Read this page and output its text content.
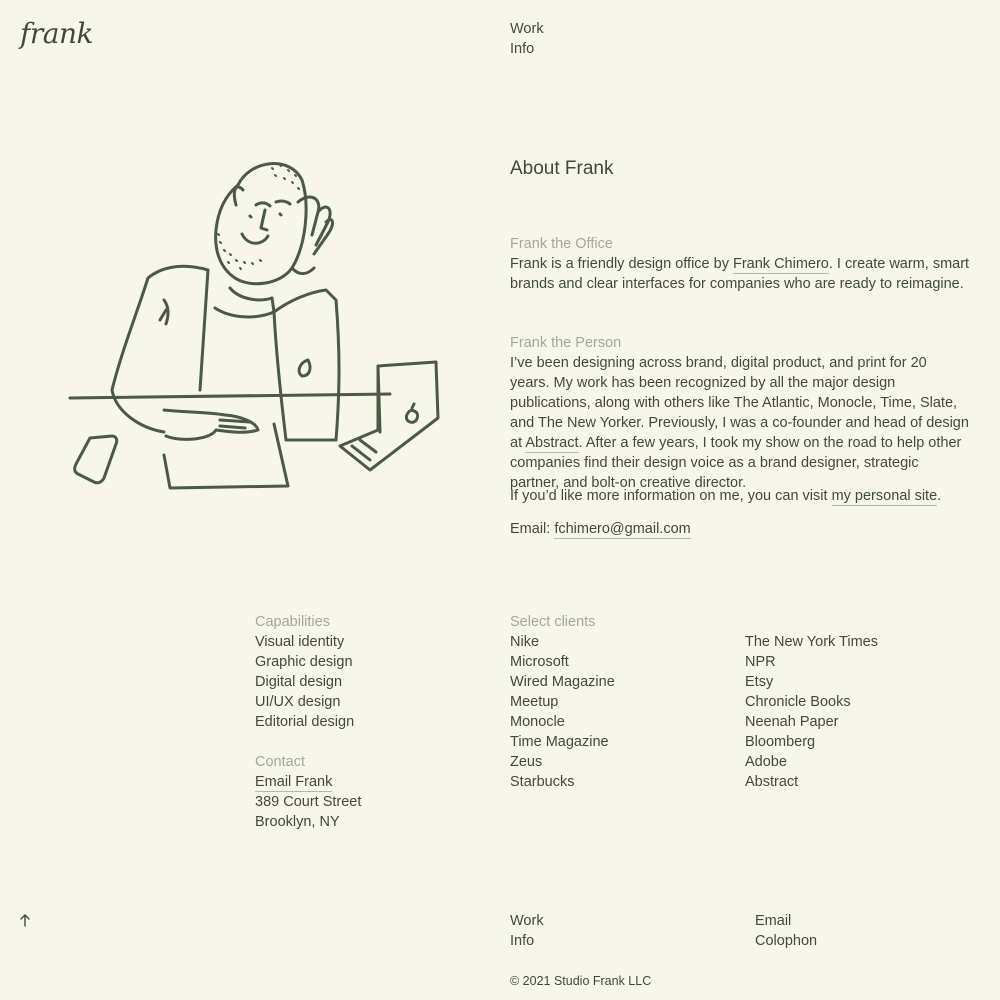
frank	Work
Info
About Frank
Frank the Office
Frank is a friendly design office by Frank Chimero. I create warm, smart brands and clear interfaces for companies who are ready to reimagine.
Frank the Person
I’ve been designing across brand, digital product, and print for 20 years. My work has been recognized by all the major design publications, along with others like The Atlantic, Monocle, Time, Slate, and The New Yorker. Previously, I was a co-founder and head of design at Abstract. After a few years, I took my show on the road to help other companies find their design voice as a brand designer, strategic partner, and bolt-on creative director.
If you’d like more information on me, you can visit my personal site.
Email: fchimero@gmail.com
Capabilities
Visual identity
Graphic design
Digital design
UI/UX design
Editorial design
Contact
Email Frank
389 Court Street
Brooklyn, NY
Select clients
Nike
Microsoft
Wired Magazine
Meetup
Monocle
Time Magazine
Zeus
Starbucks
The New York Times
NPR
Etsy
Chronicle Books
Neenah Paper
Bloomberg
Adobe
Abstract
Work
Info
Email
Colophon
© 2021 Studio Frank LLC
